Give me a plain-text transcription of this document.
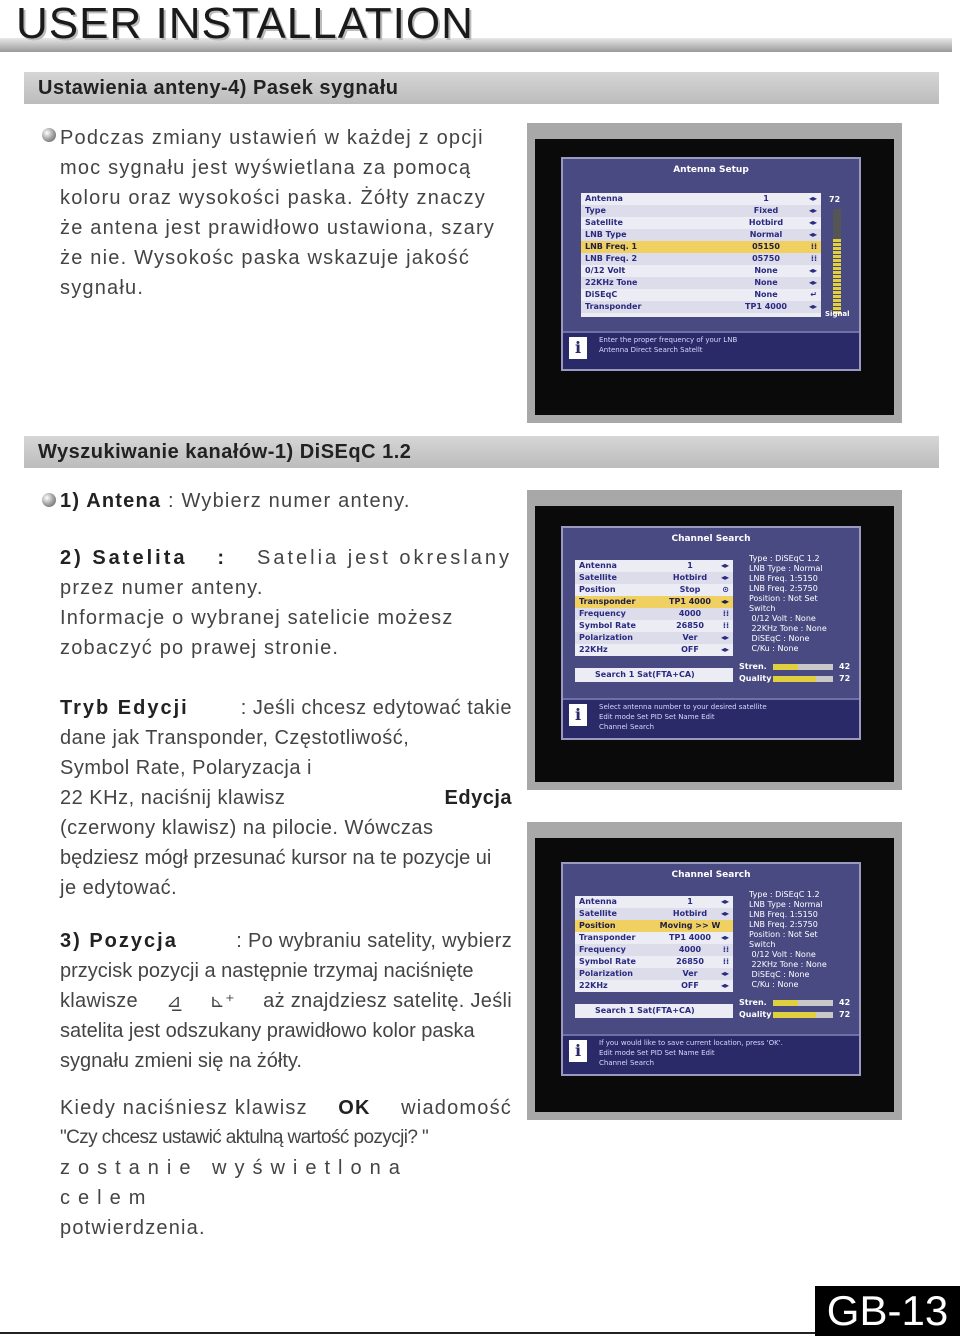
USER INSTALLATION
Ustawienia anteny-4) Pasek sygnału

Podczas zmiany ustawień w każdej z opcji

moc sygnału jest wyświetlana za pomocą

koloru oraz wysokości paska. Żółty znaczy

że antena jest prawidłowo ustawiona, szary

że nie. Wysokośc paska wskazuje jakość

sygnału.

Antenna Setup
Antenna	1	◂▸
Type	Fixed	◂▸
Satellite	Hotbird	◂▸
LNB Type	Normal	◂▸
LNB Freq. 1	05150	⁞⁞
LNB Freq. 2	05750	⁞⁞
0/12 Volt	None	◂▸
22KHz Tone	None	◂▸
DiSEqC	None	↵
Transponder	TP1 4000	◂▸
72
Signal
i	Enter the proper frequency of your LNB
Antenna Direct Search Satellt
Wyszukiwanie kanałów-1) DiSEqC 1.2

1) Antena : Wybierz numer anteny.

2) Satelita : Satelia jest okreslany

przez numer anteny.

Informacje o wybranej satelicie możesz

zobaczyć po prawej stronie.

Tryb Edycji	: Jeśli chcesz edytować takie

dane jak Transponder, Częstotliwość,

Symbol Rate, Polaryzacja i

22 KHz, naciśnij klawisz	Edycja

(czerwony klawisz) na pilocie. Wówczas

będziesz mógł przesunać kursor na te pozycje ui

je edytować.

3) Pozycja	: Po wybraniu satelity, wybierz

przycisk pozycji a następnie trzymaj naciśnięte

klawisze ⊿̲ ⊾⁺ aż znajdziesz satelitę. Jeśli

satelita jest odszukany prawidłowo kolor paska

sygnału zmieni się na żółty.

Kiedy naciśniesz klawisz OK wiadomość

"Czy chcesz ustawić aktulną wartość pozycji? "

zostanie wyświetlona celem

potwierdzenia.

Channel Search
Antenna	1	◂▸
Satellite	Hotbird	◂▸
Position	Stop	⊙
Transponder	TP1 4000	◂▸
Frequency	4000	⁞⁞
Symbol Rate	26850	⁞⁞
Polarization	Ver	◂▸
22KHz	OFF	◂▸
Type : DiSEqC 1.2
LNB Type : Normal
LNB Freq. 1:5150
LNB Freq. 2:5750
Position : Not Set
Switch
0/12 Volt : None
22KHz Tone : None
DiSEqC : None
C/Ku : None
Search 1 Sat(FTA+CA)
Stren.	42
Quality	72
i	Select antenna number to your desired satellite
Edit mode Set PID Set Name Edit
Channel Search
Channel Search
Antenna	1	◂▸
Satellite	Hotbird	◂▸
Position	Moving >> W
Transponder	TP1 4000	◂▸
Frequency	4000	⁞⁞
Symbol Rate	26850	⁞⁞
Polarization	Ver	◂▸
22KHz	OFF	◂▸
Type : DiSEqC 1.2
LNB Type : Normal
LNB Freq. 1:5150
LNB Freq. 2:5750
Position : Not Set
Switch
0/12 Volt : None
22KHz Tone : None
DiSEqC : None
C/Ku : None
Search 1 Sat(FTA+CA)
Stren.	42
Quality	72
i	If you would like to save current location, press 'OK'.
Edit mode Set PID Set Name Edit
Channel Search
GB-13
